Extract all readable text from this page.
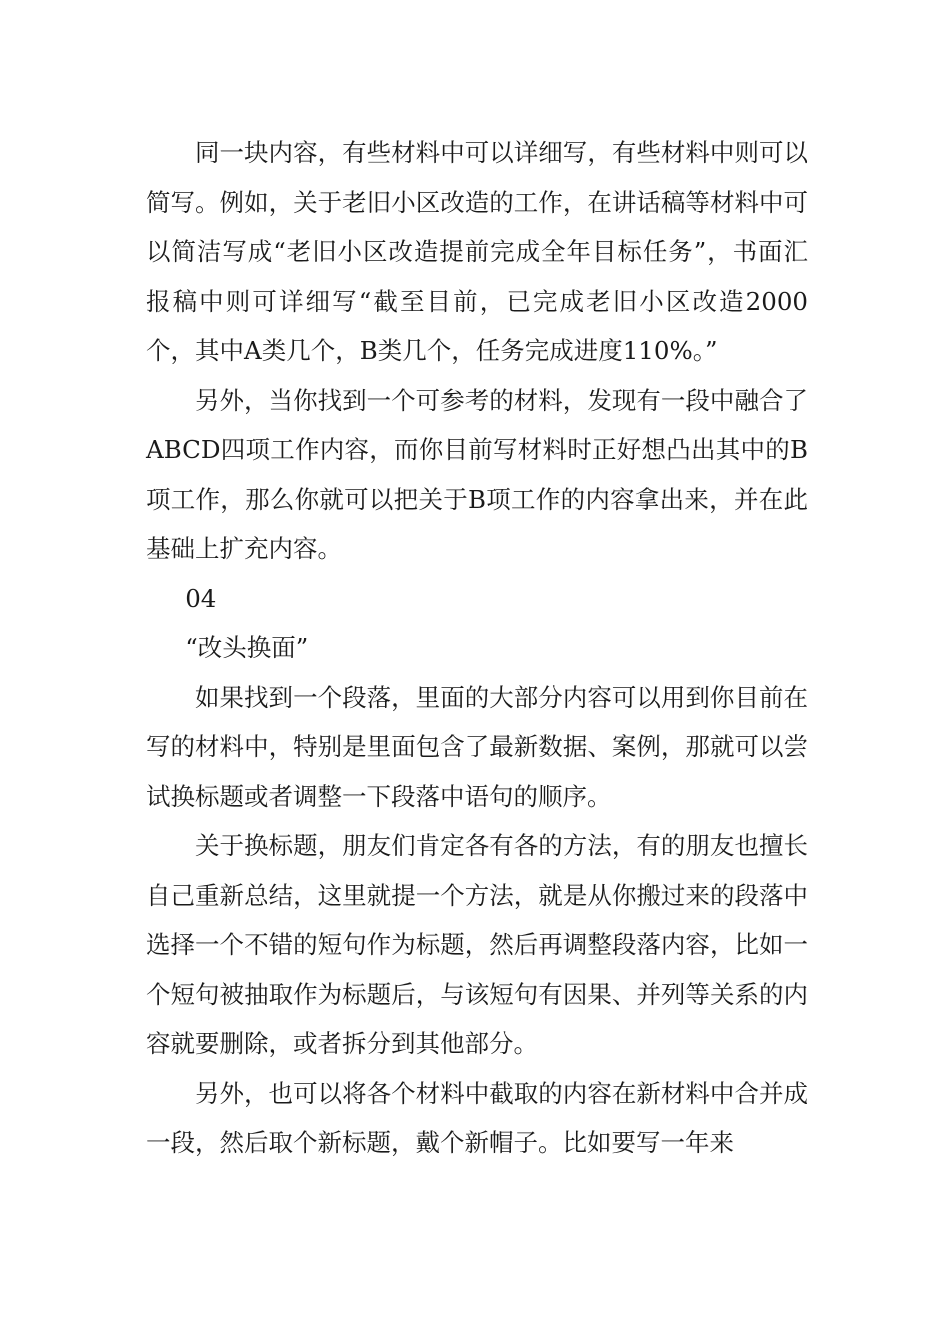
同一块内容，有些材料中可以详细写，有些材料中则可以简写。例如，关于老旧小区改造的工作，在讲话稿等材料中可以简洁写成“老旧小区改造提前完成全年目标任务”，书面汇报稿中则可详细写“截至目前，已完成老旧小区改造2000个，其中A类几个，B类几个，任务完成进度110%。”

另外，当你找到一个可参考的材料，发现有一段中融合了ABCD四项工作内容，而你目前写材料时正好想凸出其中的B项工作，那么你就可以把关于B项工作的内容拿出来，并在此基础上扩充内容。

04

“改头换面”

如果找到一个段落，里面的大部分内容可以用到你目前在写的材料中，特别是里面包含了最新数据、案例，那就可以尝试换标题或者调整一下段落中语句的顺序。

关于换标题，朋友们肯定各有各的方法，有的朋友也擅长自己重新总结，这里就提一个方法，就是从你搬过来的段落中选择一个不错的短句作为标题，然后再调整段落内容，比如一个短句被抽取作为标题后，与该短句有因果、并列等关系的内容就要删除，或者拆分到其他部分。

另外，也可以将各个材料中截取的内容在新材料中合并成一段，然后取个新标题，戴个新帽子。比如要写一年来
